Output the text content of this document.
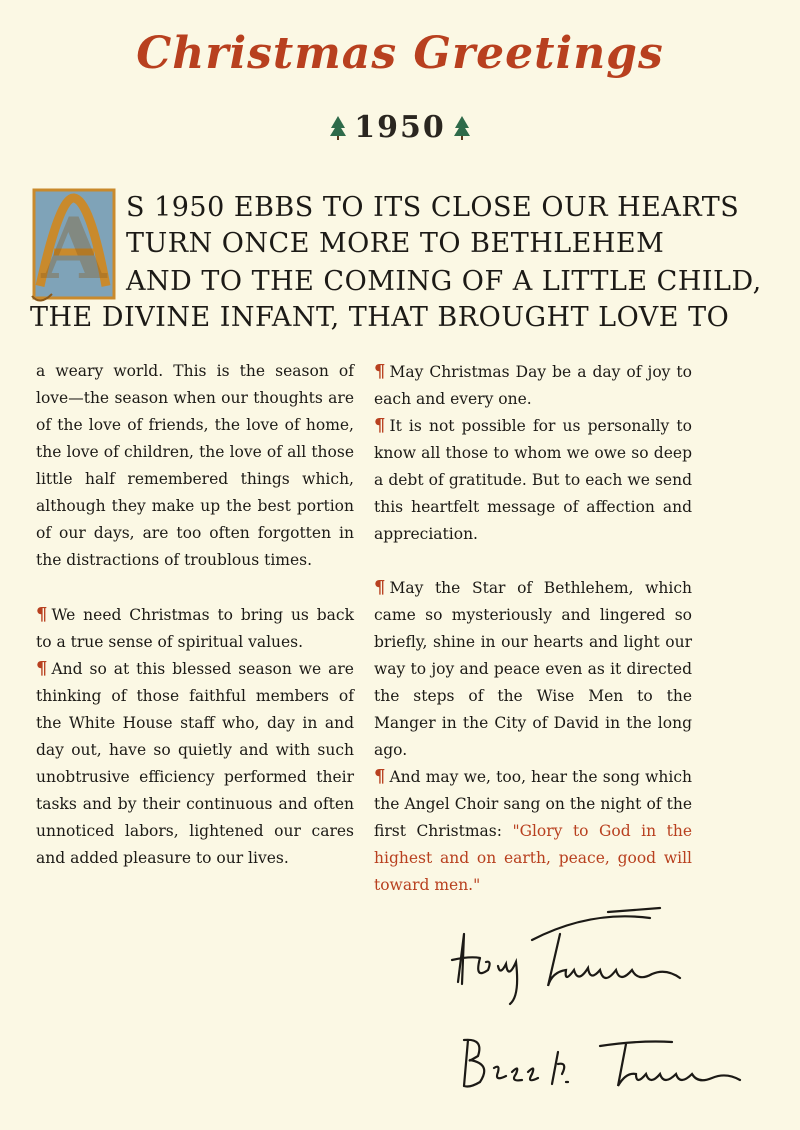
Christmas Greetings
1950
A S 1950 EBBS TO ITS CLOSE OUR HEARTS
TURN ONCE MORE TO BETHLEHEM
AND TO THE COMING OF A LITTLE CHILD,
THE DIVINE INFANT, THAT BROUGHT LOVE TO

a weary world. This is the season of love—the season when our thoughts are of the love of friends, the love of home, the love of children, the love of all those little half remembered things which, although they make up the best portion of our days, are too often forgotten in the distractions of troublous times.

¶ We need Christmas to bring us back to a true sense of spiritual values.

¶ And so at this blessed season we are thinking of those faithful members of the White House staff who, day in and day out, have so quietly and with such unobtrusive efficiency performed their tasks and by their continuous and often unnoticed labors, lightened our cares and added pleasure to our lives.

¶ May Christmas Day be a day of joy to each and every one.

¶ It is not possible for us personally to know all those to whom we owe so deep a debt of gratitude. But to each we send this heartfelt message of affection and appreciation.

¶ May the Star of Bethlehem, which came so mysteriously and lingered so briefly, shine in our hearts and light our way to joy and peace even as it directed the steps of the Wise Men to the Manger in the City of David in the long ago.

¶ And may we, too, hear the song which the Angel Choir sang on the night of the first Christmas: "Glory to God in the highest and on earth, peace, good will toward men."
